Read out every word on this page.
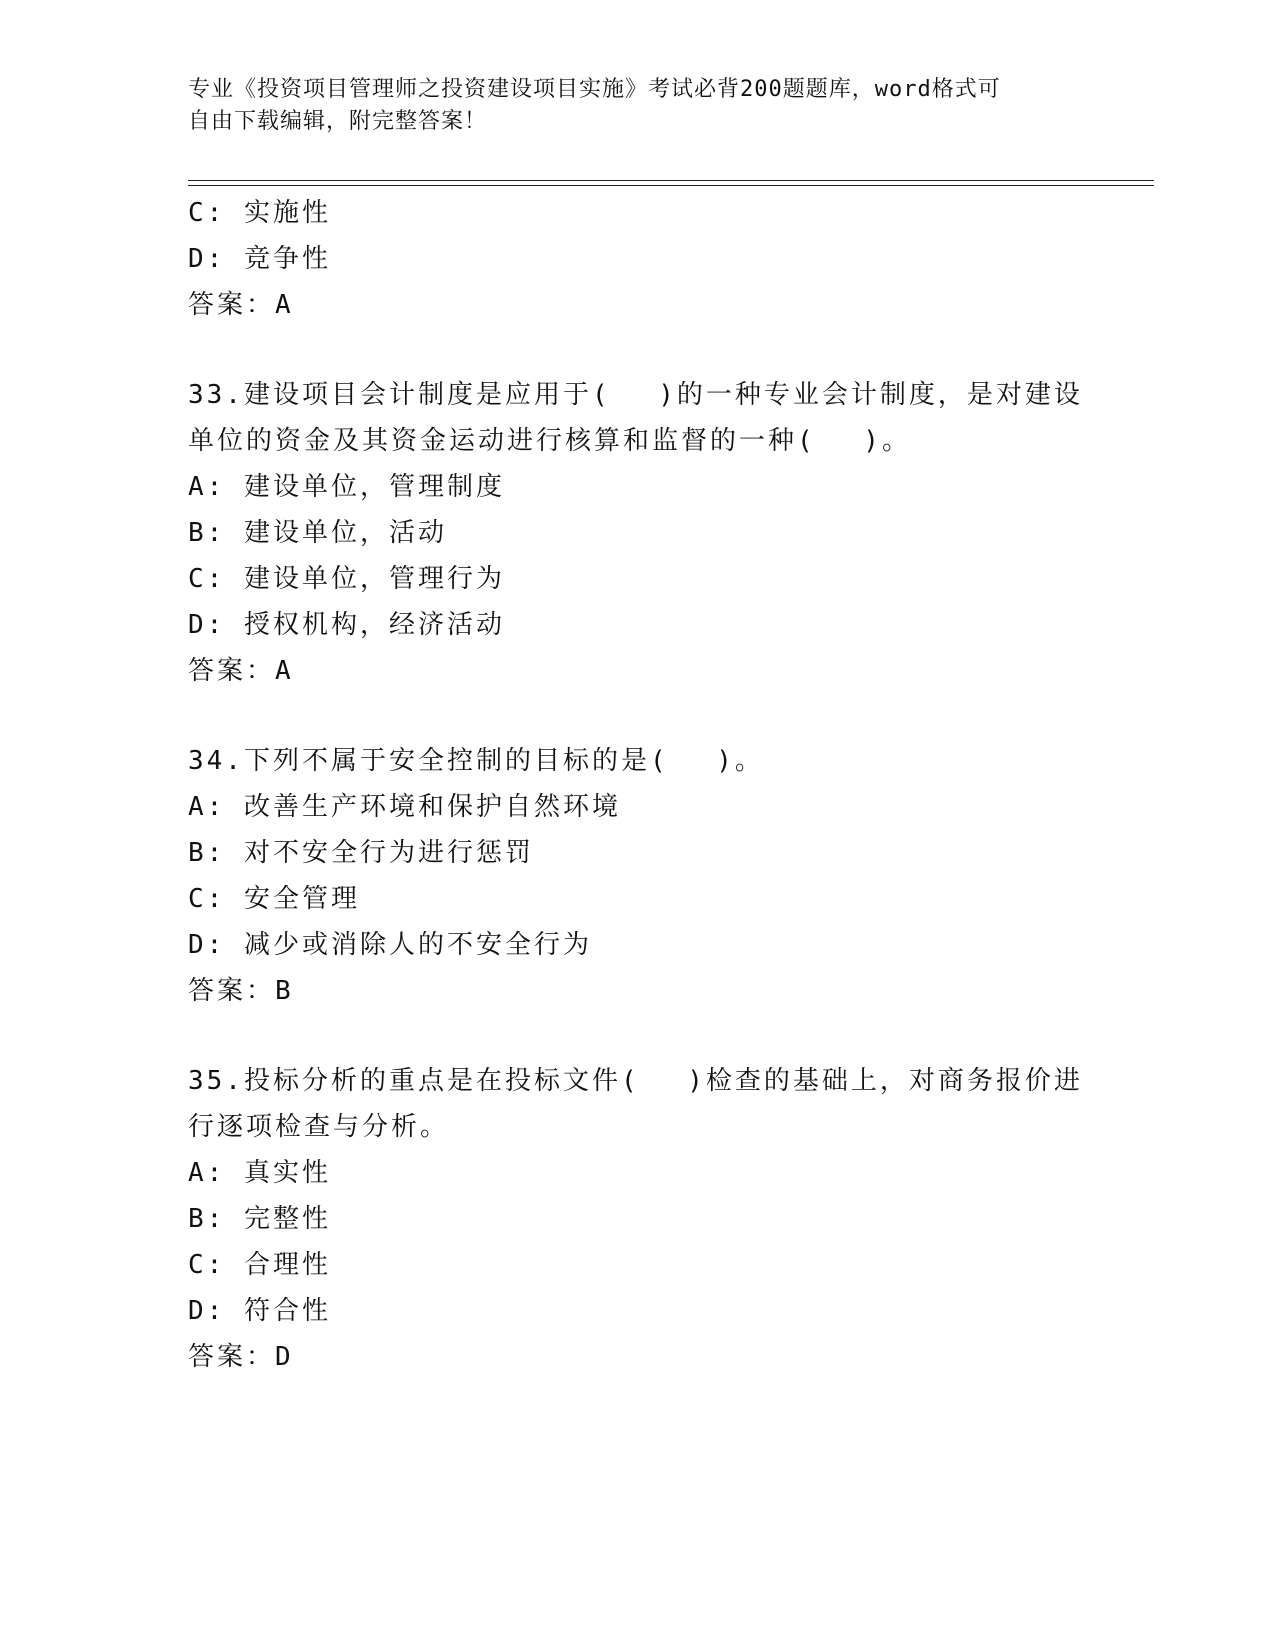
专业《投资项目管理师之投资建设项目实施》考试必背200题题库，word格式可
自由下载编辑，附完整答案！
C: 实施性
D: 竞争性
答案：A
33.建设项目会计制度是应用于(　 )的一种专业会计制度，是对建设
单位的资金及其资金运动进行核算和监督的一种(　 )。
A: 建设单位，管理制度
B: 建设单位，活动
C: 建设单位，管理行为
D: 授权机构，经济活动
答案：A
34.下列不属于安全控制的目标的是(　 )。
A: 改善生产环境和保护自然环境
B: 对不安全行为进行惩罚
C: 安全管理
D: 减少或消除人的不安全行为
答案：B
35.投标分析的重点是在投标文件(　 )检查的基础上，对商务报价进
行逐项检查与分析。
A: 真实性
B: 完整性
C: 合理性
D: 符合性
答案：D
